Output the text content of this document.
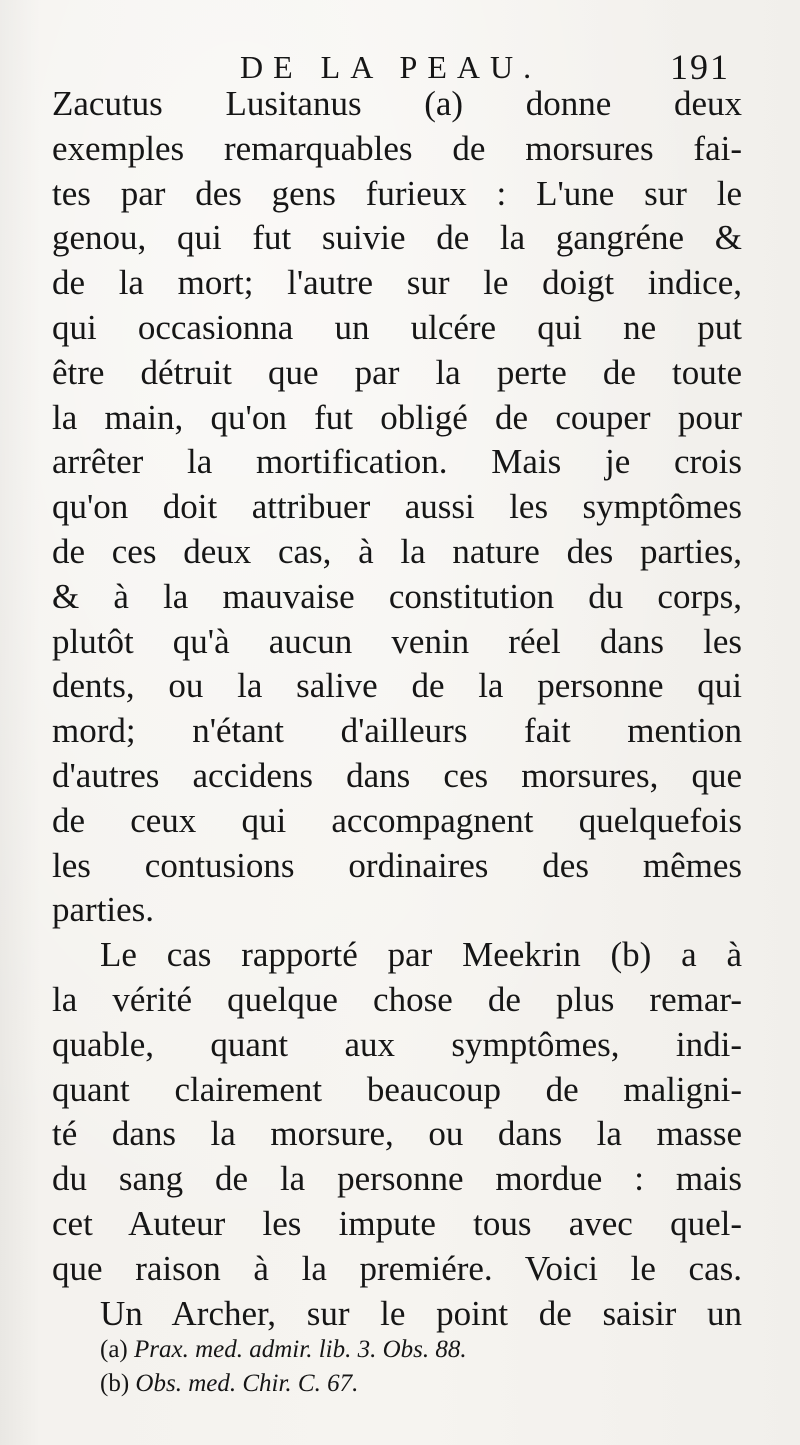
DE LA PEAU.	191
Zacutus Lusitanus (a) donne deux
exemples remarquables de morsures fai-
tes par des gens furieux : L'une sur le
genou, qui fut suivie de la gangréne &
de la mort; l'autre sur le doigt indice,
qui occasionna un ulcére qui ne put
être détruit que par la perte de toute
la main, qu'on fut obligé de couper pour
arrêter la mortification. Mais je crois
qu'on doit attribuer aussi les symptômes
de ces deux cas, à la nature des parties,
& à la mauvaise constitution du corps,
plutôt qu'à aucun venin réel dans les
dents, ou la salive de la personne qui
mord; n'étant d'ailleurs fait mention
d'autres accidens dans ces morsures, que
de ceux qui accompagnent quelquefois
les contusions ordinaires des mêmes
parties.
Le cas rapporté par Meekrin (b) a à
la vérité quelque chose de plus remar-
quable, quant aux symptômes, indi-
quant clairement beaucoup de maligni-
té dans la morsure, ou dans la masse
du sang de la personne mordue : mais
cet Auteur les impute tous avec quel-
que raison à la premiére. Voici le cas.
Un Archer, sur le point de saisir un
(a) Prax. med. admir. lib. 3. Obs. 88.
(b) Obs. med. Chir. C. 67.
